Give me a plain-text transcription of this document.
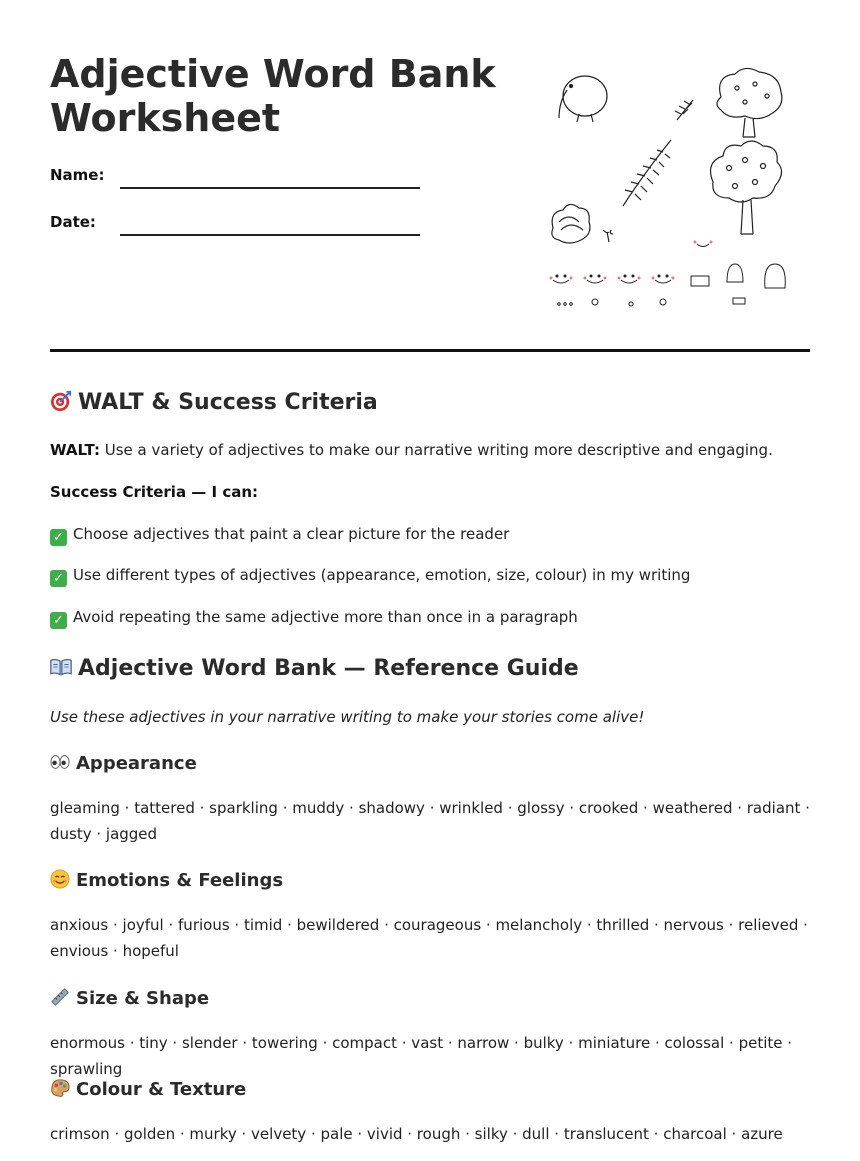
Adjective Word Bank Worksheet
Name:
Date:
WALT & Success Criteria

WALT: Use a variety of adjectives to make our narrative writing more descriptive and engaging.

Success Criteria — I can:

✓ Choose adjectives that paint a clear picture for the reader

✓ Use different types of adjectives (appearance, emotion, size, colour) in my writing

✓ Avoid repeating the same adjective more than once in a paragraph

Adjective Word Bank — Reference Guide

Use these adjectives in your narrative writing to make your stories come alive!

Appearance

gleaming · tattered · sparkling · muddy · shadowy · wrinkled · glossy · crooked · weathered · radiant · dusty · jagged

Emotions & Feelings

anxious · joyful · furious · timid · bewildered · courageous · melancholy · thrilled · nervous · relieved · envious · hopeful

Size & Shape

enormous · tiny · slender · towering · compact · vast · narrow · bulky · miniature · colossal · petite · sprawling

Colour & Texture

crimson · golden · murky · velvety · pale · vivid · rough · silky · dull · translucent · charcoal · azure
